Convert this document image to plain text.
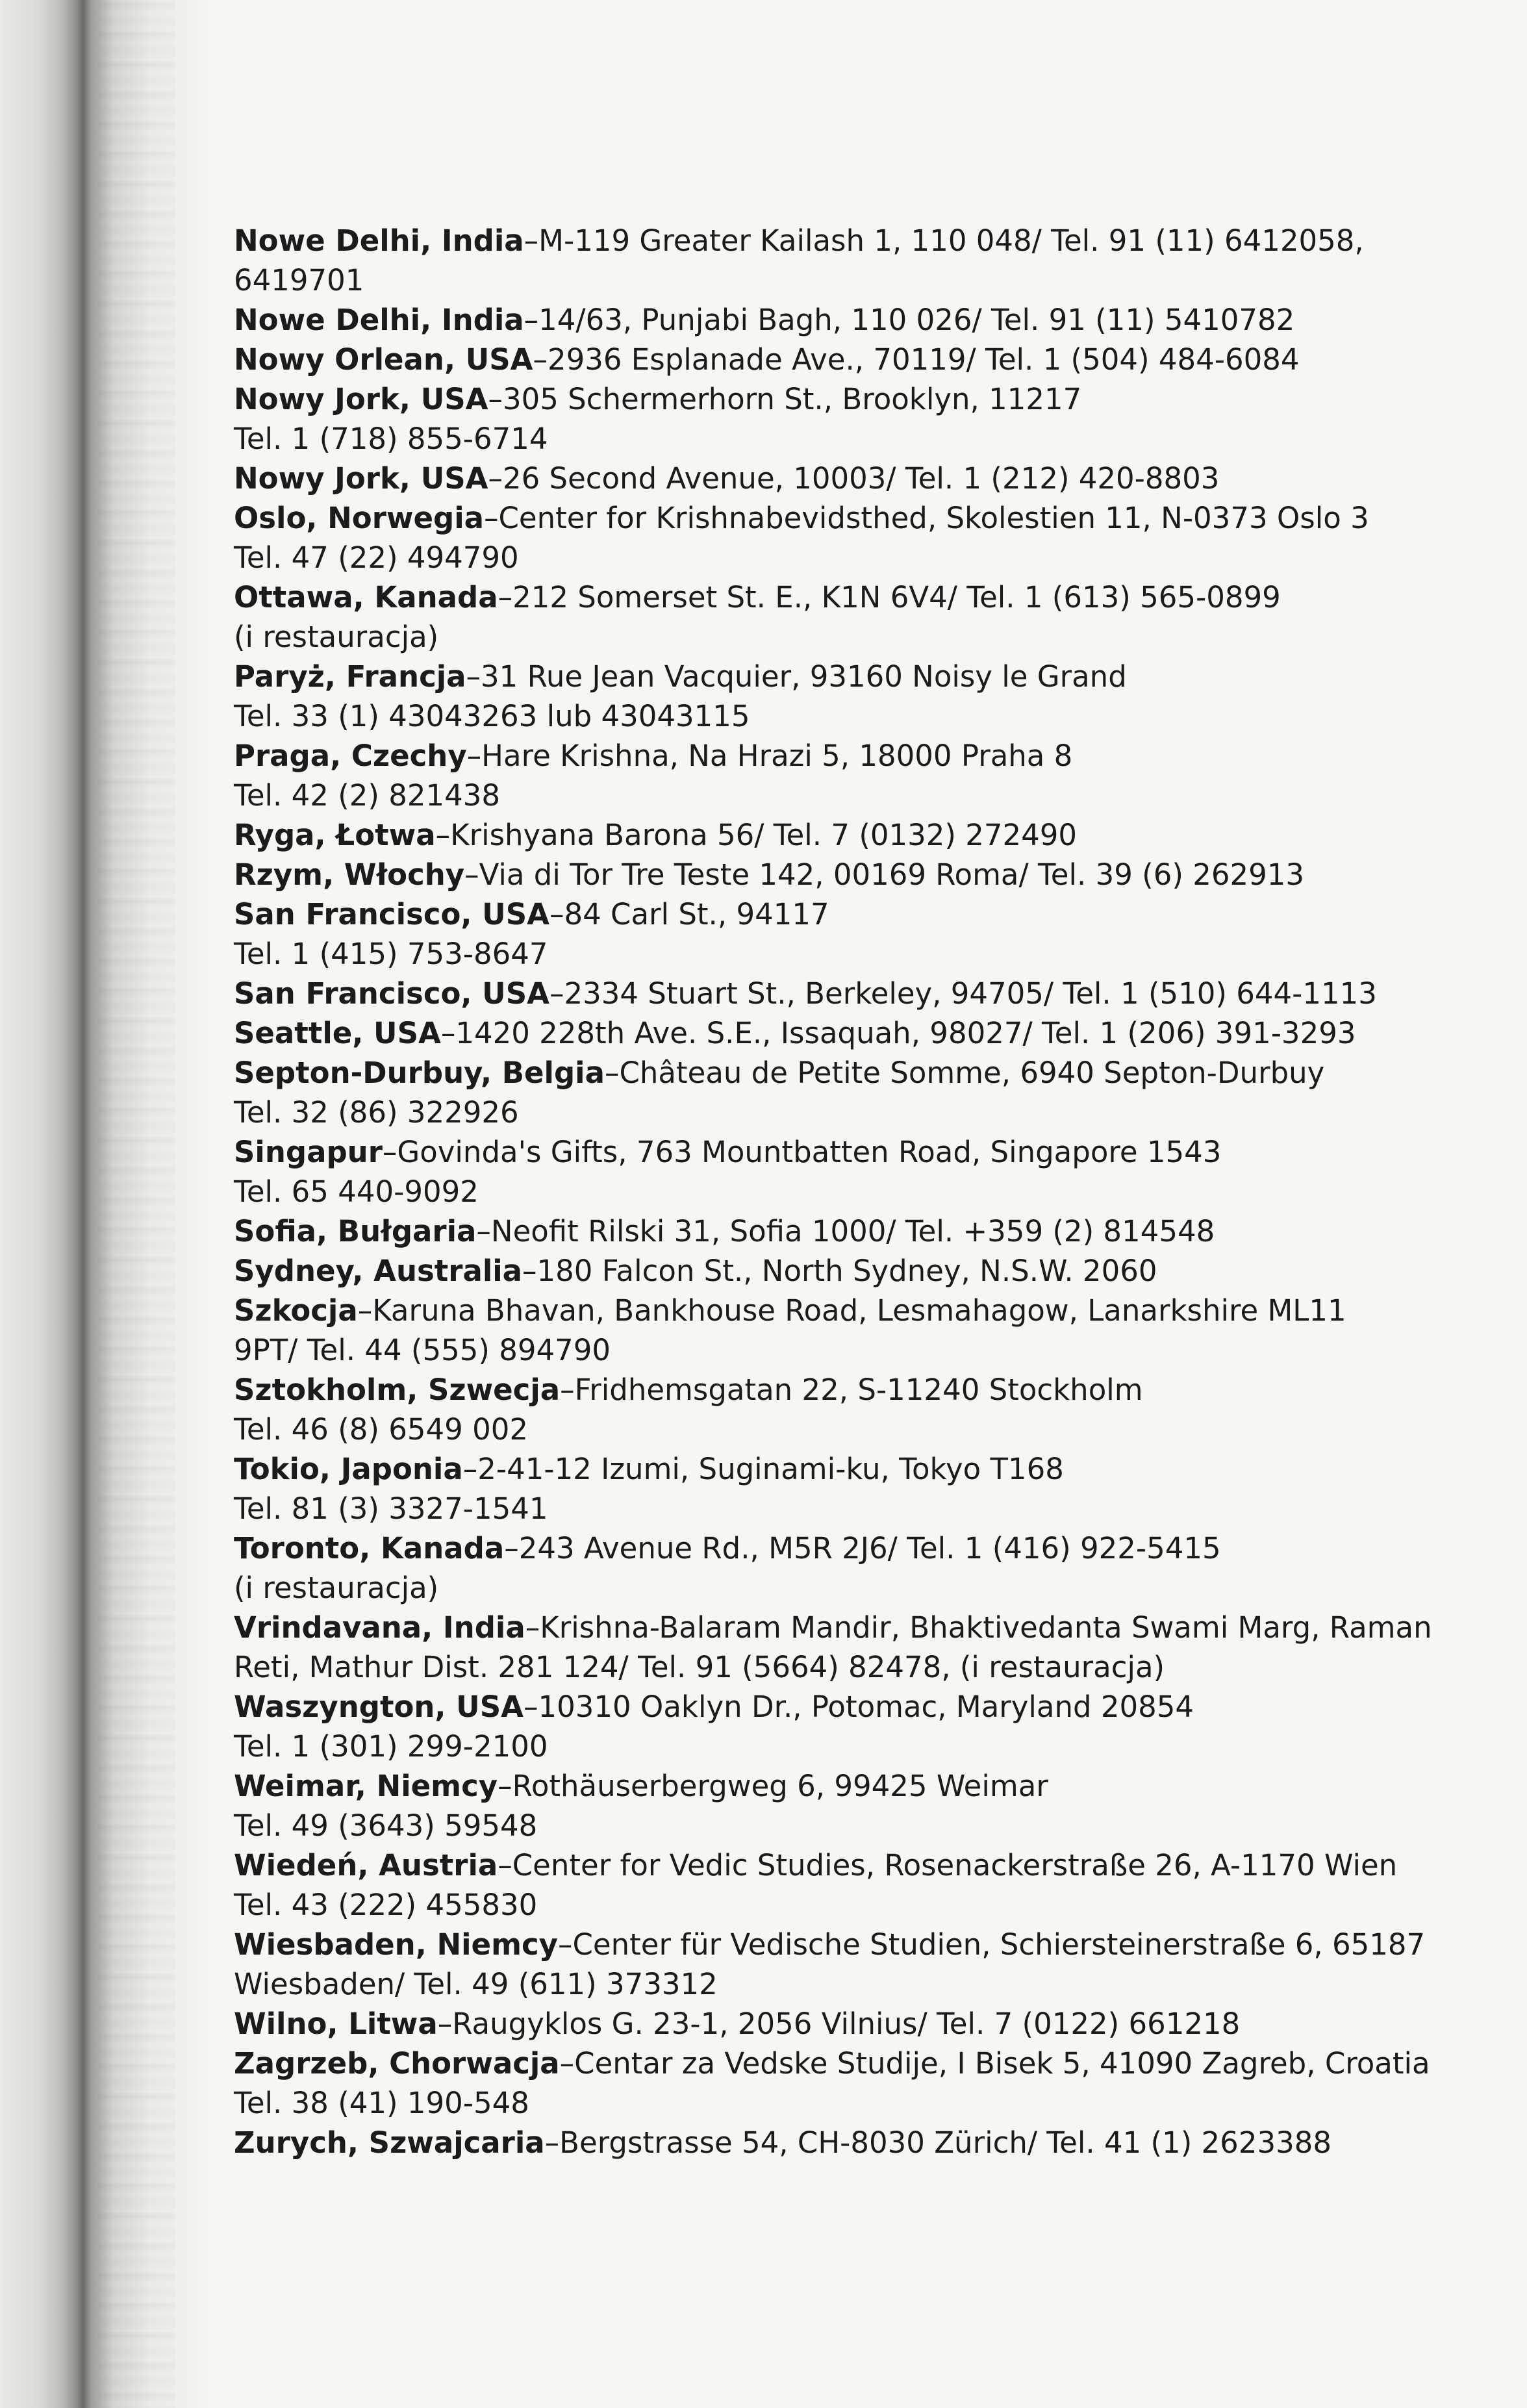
Nowe Delhi, India–M-119 Greater Kailash 1, 110 048/ Tel. 91 (11) 6412058,
6419701

Nowe Delhi, India–14/63, Punjabi Bagh, 110 026/ Tel. 91 (11) 5410782

Nowy Orlean, USA–2936 Esplanade Ave., 70119/ Tel. 1 (504) 484-6084

Nowy Jork, USA–305 Schermerhorn St., Brooklyn, 11217
Tel. 1 (718) 855-6714

Nowy Jork, USA–26 Second Avenue, 10003/ Tel. 1 (212) 420-8803

Oslo, Norwegia–Center for Krishnabevidsthed, Skolestien 11, N-0373 Oslo 3
Tel. 47 (22) 494790

Ottawa, Kanada–212 Somerset St. E., K1N 6V4/ Tel. 1 (613) 565-0899
(i restauracja)

Paryż, Francja–31 Rue Jean Vacquier, 93160 Noisy le Grand
Tel. 33 (1) 43043263 lub 43043115

Praga, Czechy–Hare Krishna, Na Hrazi 5, 18000 Praha 8
Tel. 42 (2) 821438

Ryga, Łotwa–Krishyana Barona 56/ Tel. 7 (0132) 272490

Rzym, Włochy–Via di Tor Tre Teste 142, 00169 Roma/ Tel. 39 (6) 262913

San Francisco, USA–84 Carl St., 94117
Tel. 1 (415) 753-8647

San Francisco, USA–2334 Stuart St., Berkeley, 94705/ Tel. 1 (510) 644-1113

Seattle, USA–1420 228th Ave. S.E., Issaquah, 98027/ Tel. 1 (206) 391-3293

Septon-Durbuy, Belgia–Château de Petite Somme, 6940 Septon-Durbuy
Tel. 32 (86) 322926

Singapur–Govinda's Gifts, 763 Mountbatten Road, Singapore 1543
Tel. 65 440-9092

Sofia, Bułgaria–Neofit Rilski 31, Sofia 1000/ Tel. +359 (2) 814548

Sydney, Australia–180 Falcon St., North Sydney, N.S.W. 2060

Szkocja–Karuna Bhavan, Bankhouse Road, Lesmahagow, Lanarkshire ML11
9PT/ Tel. 44 (555) 894790

Sztokholm, Szwecja–Fridhemsgatan 22, S-11240 Stockholm
Tel. 46 (8) 6549 002

Tokio, Japonia–2-41-12 Izumi, Suginami-ku, Tokyo T168
Tel. 81 (3) 3327-1541

Toronto, Kanada–243 Avenue Rd., M5R 2J6/ Tel. 1 (416) 922-5415
(i restauracja)

Vrindavana, India–Krishna-Balaram Mandir, Bhaktivedanta Swami Marg, Raman
Reti, Mathur Dist. 281 124/ Tel. 91 (5664) 82478, (i restauracja)

Waszyngton, USA–10310 Oaklyn Dr., Potomac, Maryland 20854
Tel. 1 (301) 299-2100

Weimar, Niemcy–Rothäuserbergweg 6, 99425 Weimar
Tel. 49 (3643) 59548

Wiedeń, Austria–Center for Vedic Studies, Rosenackerstraße 26, A-1170 Wien
Tel. 43 (222) 455830

Wiesbaden, Niemcy–Center für Vedische Studien, Schiersteinerstraße 6, 65187
Wiesbaden/ Tel. 49 (611) 373312

Wilno, Litwa–Raugyklos G. 23-1, 2056 Vilnius/ Tel. 7 (0122) 661218

Zagrzeb, Chorwacja–Centar za Vedske Studije, I Bisek 5, 41090 Zagreb, Croatia
Tel. 38 (41) 190-548

Zurych, Szwajcaria–Bergstrasse 54, CH-8030 Zürich/ Tel. 41 (1) 2623388
